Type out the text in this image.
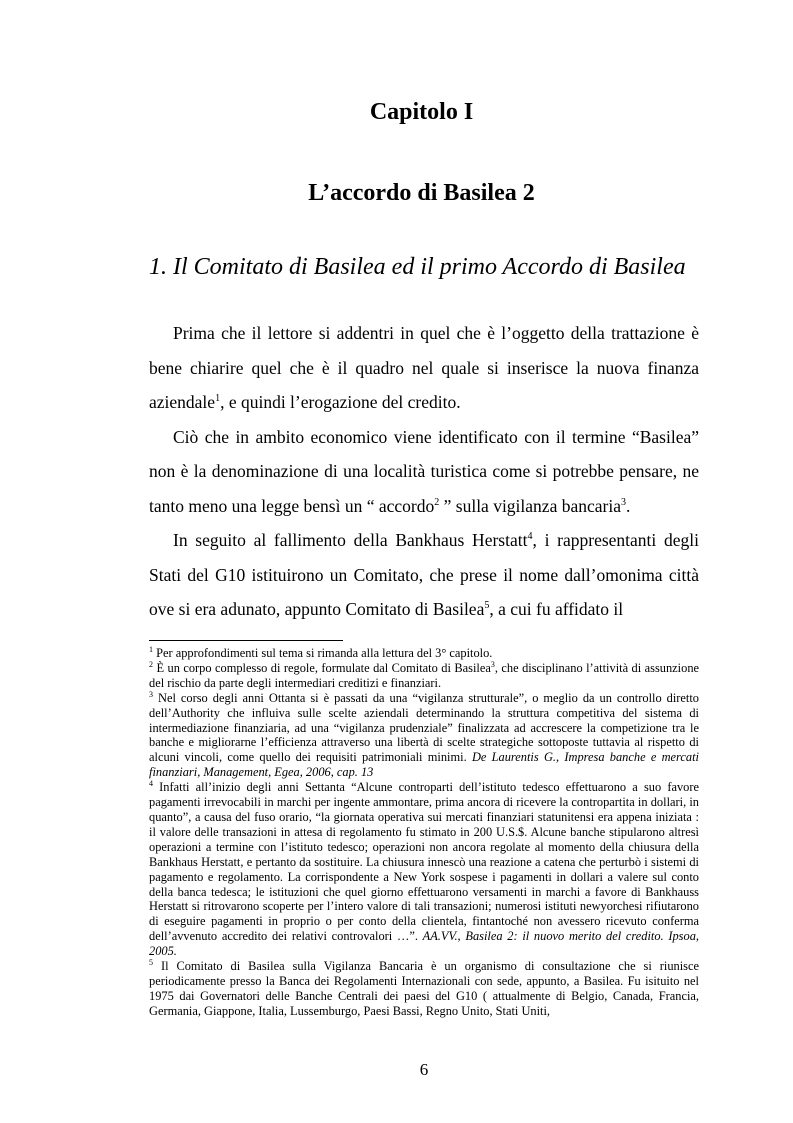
Capitolo I
L’accordo di Basilea 2
1. Il Comitato di Basilea ed il primo Accordo di Basilea

Prima che il lettore si addentri in quel che è l’oggetto della trattazione è bene chiarire quel che è il quadro nel quale si inserisce la nuova finanza aziendale$^1$, e quindi l’erogazione del credito.

Ciò che in ambito economico viene identificato con il termine “Basilea” non è la denominazione di una località turistica come si potrebbe pensare, ne tanto meno una legge bensì un “ accordo$^2$ ” sulla vigilanza bancaria$^3$.

In seguito al fallimento della Bankhaus Herstatt$^4$, i rappresentanti degli Stati del G10 istituirono un Comitato, che prese il nome dall’omonima città ove si era adunato, appunto Comitato di Basilea$^5$, a cui fu affidato il

$^1$ Per approfondimenti sul tema si rimanda alla lettura del 3° capitolo.

$^2$ È un corpo complesso di regole, formulate dal Comitato di Basilea$^3$, che disciplinano l’attività di assunzione del rischio da parte degli intermediari creditizi e finanziari.

$^3$ Nel corso degli anni Ottanta si è passati da una “vigilanza strutturale”, o meglio da un controllo diretto dell’Authority che influiva sulle scelte aziendali determinando la struttura competitiva del sistema di intermediazione finanziaria, ad una “vigilanza prudenziale” finalizzata ad accrescere la competizione tra le banche e migliorarne l’efficienza attraverso una libertà di scelte strategiche sottoposte tuttavia al rispetto di alcuni vincoli, come quello dei requisiti patrimoniali minimi. De Laurentis G., Impresa banche e mercati finanziari, Management, Egea, 2006, cap. 13

$^4$ Infatti all’inizio degli anni Settanta “Alcune controparti dell’istituto tedesco effettuarono a suo favore pagamenti irrevocabili in marchi per ingente ammontare, prima ancora di ricevere la contropartita in dollari, in quanto”, a causa del fuso orario, “la giornata operativa sui mercati finanziari statunitensi era appena iniziata : il valore delle transazioni in attesa di regolamento fu stimato in 200 U.S.$. Alcune banche stipularono altresì operazioni a termine con l’istituto tedesco; operazioni non ancora regolate al momento della chiusura della Bankhaus Herstatt, e pertanto da sostituire. La chiusura innescò una reazione a catena che perturbò i sistemi di pagamento e regolamento. La corrispondente a New York sospese i pagamenti in dollari a valere sul conto della banca tedesca; le istituzioni che quel giorno effettuarono versamenti in marchi a favore di Bankhauss Herstatt si ritrovarono scoperte per l’intero valore di tali transazioni; numerosi istituti newyorchesi rifiutarono di eseguire pagamenti in proprio o per conto della clientela, fintantoché non avessero ricevuto conferma dell’avvenuto accredito dei relativi controvalori …”. AA.VV., Basilea 2: il nuovo merito del credito. Ipsoa, 2005.

$^5$ Il Comitato di Basilea sulla Vigilanza Bancaria è un organismo di consultazione che si riunisce periodicamente presso la Banca dei Regolamenti Internazionali con sede, appunto, a Basilea. Fu isituito nel 1975 dai Governatori delle Banche Centrali dei paesi del G10 ( attualmente di Belgio, Canada, Francia, Germania, Giappone, Italia, Lussemburgo, Paesi Bassi, Regno Unito, Stati Uniti,

6
